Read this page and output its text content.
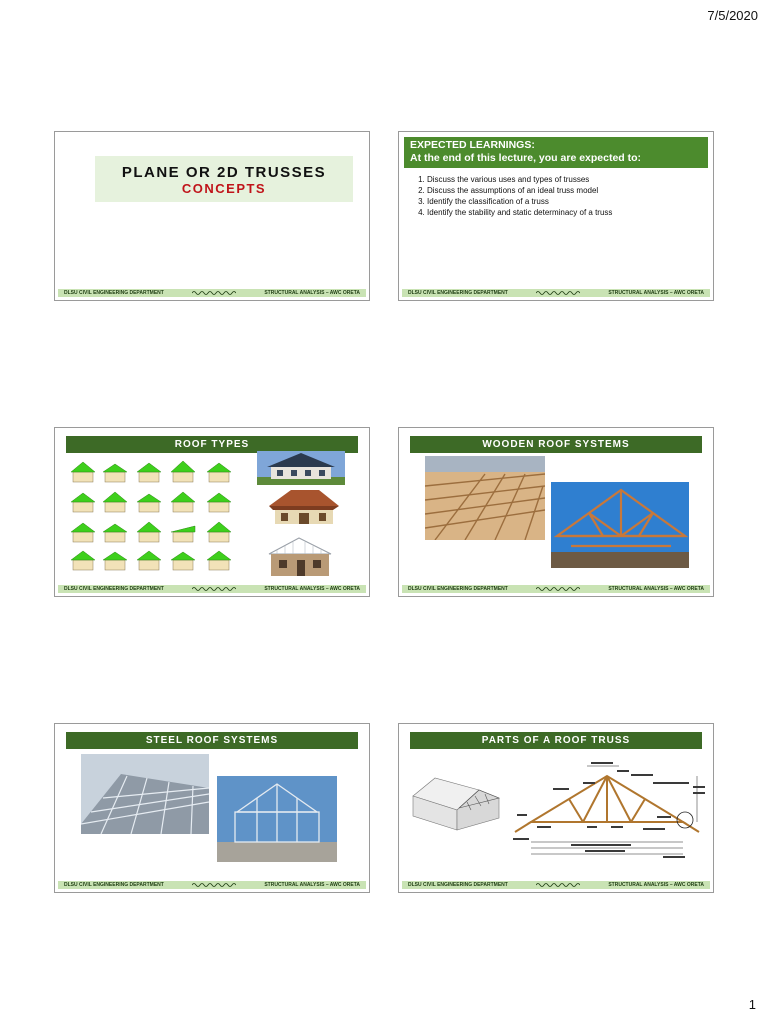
7/5/2020
PLANE OR 2D TRUSSES
CONCEPTS
DLSU CIVIL ENGINEERING DEPARTMENT	STRUCTURAL ANALYSIS – AWC ORETA
EXPECTED LEARNINGS:
At the end of this lecture, you are expected to:
1. Discuss the various uses and types of trusses
2. Discuss the assumptions of an ideal truss model
3. Identify the classification of a truss
4. Identify the stability and static determinacy of a truss
DLSU CIVIL ENGINEERING DEPARTMENT	STRUCTURAL ANALYSIS – AWC ORETA
ROOF TYPES
DLSU CIVIL ENGINEERING DEPARTMENT	STRUCTURAL ANALYSIS – AWC ORETA
WOODEN ROOF SYSTEMS
DLSU CIVIL ENGINEERING DEPARTMENT	STRUCTURAL ANALYSIS – AWC ORETA
STEEL ROOF SYSTEMS
DLSU CIVIL ENGINEERING DEPARTMENT	STRUCTURAL ANALYSIS – AWC ORETA
PARTS OF A ROOF TRUSS
DLSU CIVIL ENGINEERING DEPARTMENT	STRUCTURAL ANALYSIS – AWC ORETA
1
